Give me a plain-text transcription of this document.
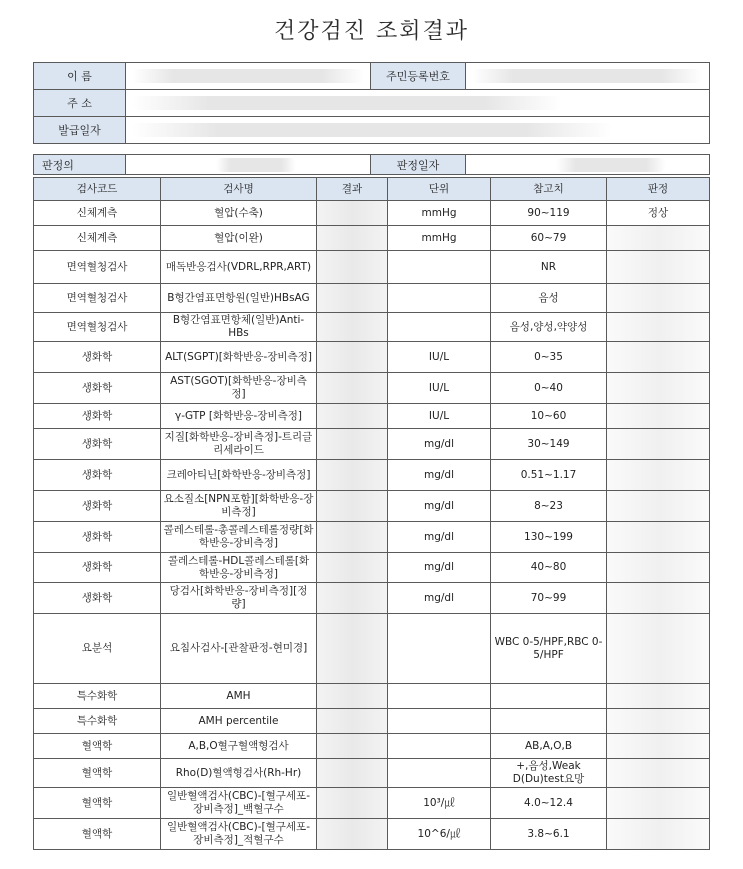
건강검진 조회결과
이 름		주민등록번호	

주 소			

발급일자			
판정의		판정일자	
검사코드	검사명	결과	단위	참고치	판정
신체계측	혈압(수축)		mmHg	90~119	정상
신체계측	혈압(이완)		mmHg	60~79	
면역혈청검사	매독반응검사(VDRL,RPR,ART)			NR	
면역혈청검사	B형간염표면항원(일반)HBsAG			음성	
면역혈청검사	B형간염표면항체(일반)Anti-HBs			음성,양성,약양성	
생화학	ALT(SGPT)[화학반응-장비측정]		IU/L	0~35	
생화학	AST(SGOT)[화학반응-장비측정]		IU/L	0~40	
생화학	γ-GTP [화학반응-장비측정]		IU/L	10~60	
생화학	지질[화학반응-장비측정]-트리글리세라이드		mg/dl	30~149	
생화학	크레아티닌[화학반응-장비측정]		mg/dl	0.51~1.17	
생화학	요소질소[NPN포함][화학반응-장비측정]		mg/dl	8~23	
생화학	콜레스테롤-총콜레스테롤정량[화학반응-장비측정]		mg/dl	130~199	
생화학	콜레스테롤-HDL콜레스테롤[화학반응-장비측정]		mg/dl	40~80	
생화학	당검사[화학반응-장비측정][정량]		mg/dl	70~99	
요분석	요침사검사-[관찰판정-현미경]			WBC 0-5/HPF,RBC 0-5/HPF	
특수화학	AMH				
특수화학	AMH percentile				
혈액학	A,B,O혈구혈액형검사			AB,A,O,B	
혈액학	Rho(D)혈액형검사(Rh-Hr)			+,음성,Weak D(Du)test요망	
혈액학	일반혈액검사(CBC)-[혈구세포-장비측정]_백혈구수		10³/㎕	4.0~12.4	
혈액학	일반혈액검사(CBC)-[혈구세포-장비측정]_적혈구수		10^6/㎕	3.8~6.1	
